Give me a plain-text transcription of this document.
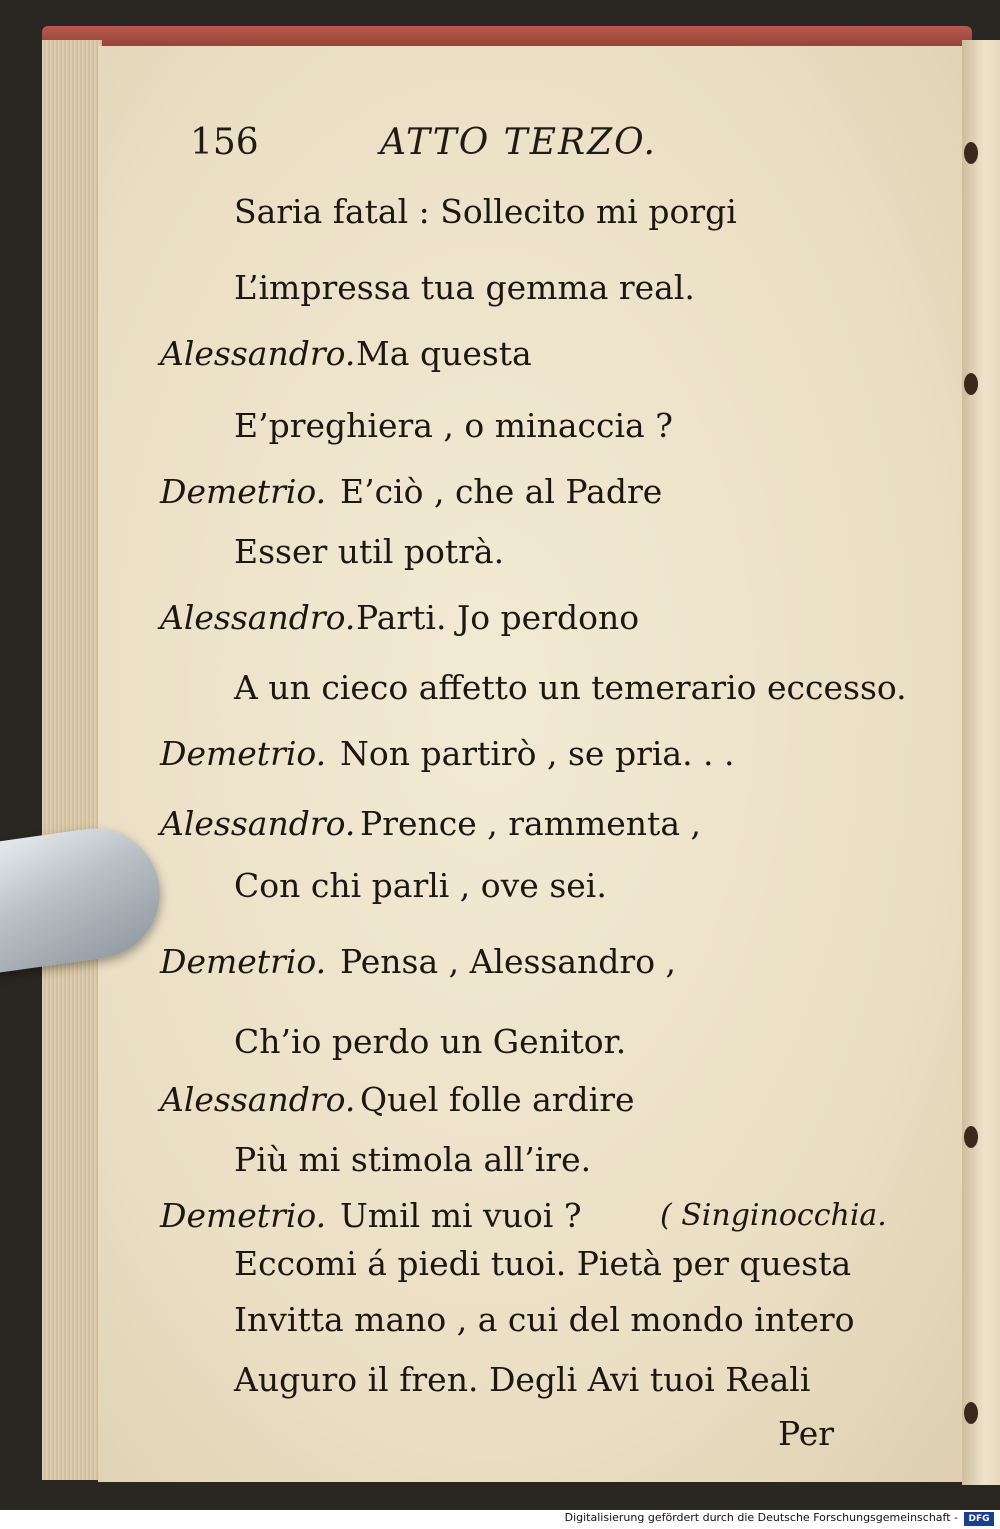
156	ATTO TERZO.
Saria fatal : Sollecito mi porgi
L’impressa tua gemma real.
Alessandro. Ma questa
E’preghiera , o minaccia ?
Demetrio. E’ciò , che al Padre
Esser util potrà.
Alessandro. Parti. Jo perdono
A un cieco affetto un temerario eccesso.
Demetrio. Non partirò , se pria. . .
Alessandro. Prence , rammenta ,
Con chi parli , ove sei.
Demetrio. Pensa , Alessandro ,
Ch’io perdo un Genitor.
Alessandro. Quel folle ardire
Più mi stimola all’ire.
Demetrio. Umil mi vuoi ?	( Singinocchia.
Eccomi á piedi tuoi. Pietà per questa
Invitta mano , a cui del mondo intero
Auguro il fren. Degli Avi tuoi Reali
Per
Digitalisierung gefördert durch die Deutsche Forschungsgemeinschaft -	DFG
